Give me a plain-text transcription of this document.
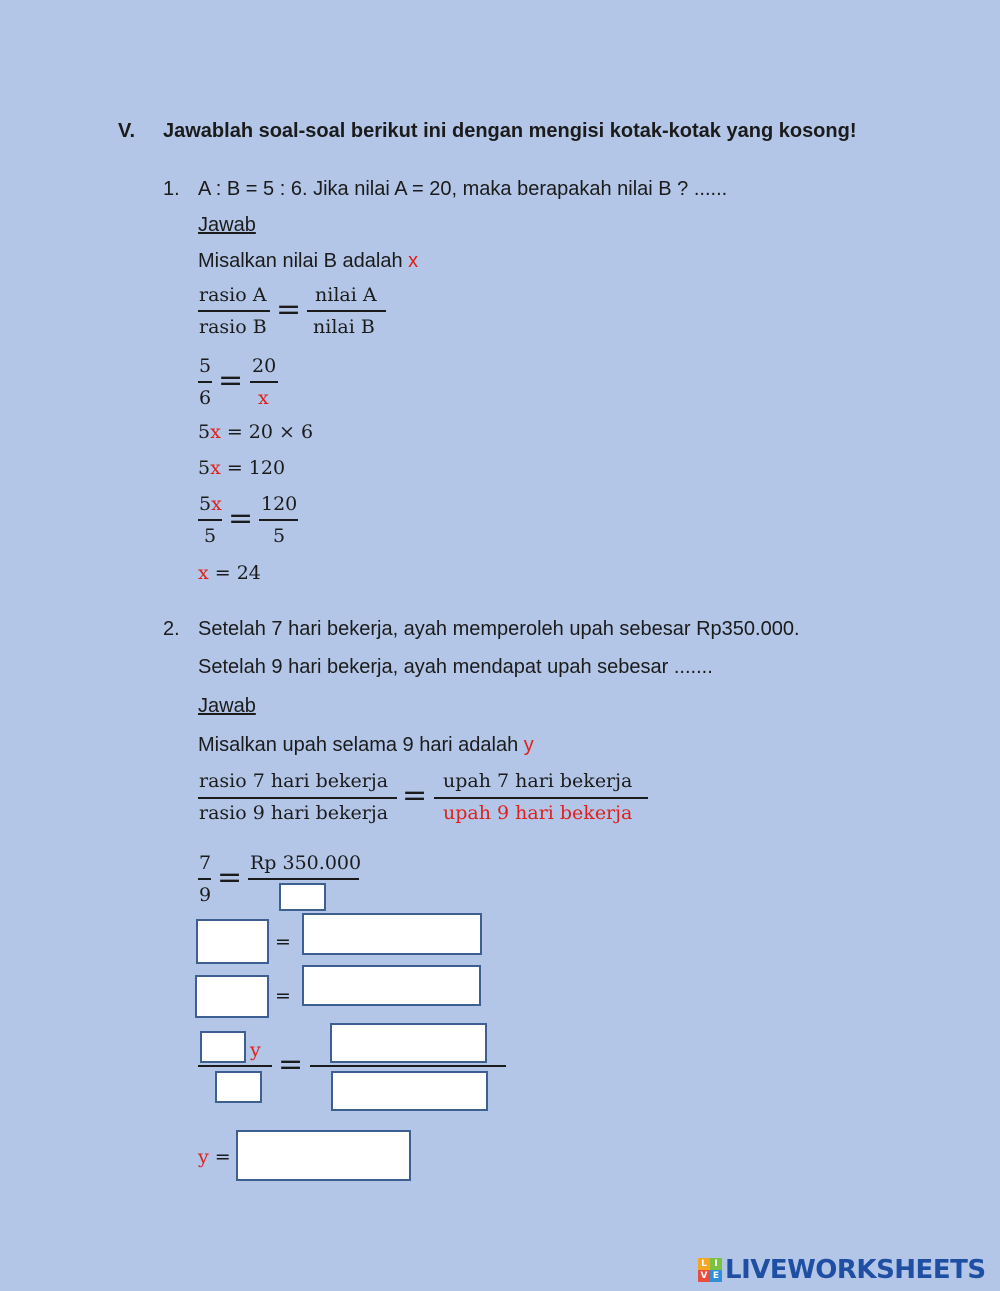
V. Jawablah soal-soal berikut ini dengan mengisi kotak-kotak yang kosong!
1. A : B = 5 : 6. Jika nilai A = 20, maka berapakah nilai B ? ......
Jawab
Misalkan nilai B adalah x
rasio A
rasio B = nilai A
nilai B
5
6 = 20
x
5x = 20 × 6
5x = 120
5x
5 = 120
5
x = 24
2. Setelah 7 hari bekerja, ayah memperoleh upah sebesar Rp350.000.
Setelah 9 hari bekerja, ayah mendapat upah sebesar .......
Jawab
Misalkan upah selama 9 hari adalah y
rasio 7 hari bekerja
rasio 9 hari bekerja = upah 7 hari bekerja
upah 9 hari bekerja
7
9 = Rp 350.000
=
=
y =
y =
L I
V E LIVEWORKSHEETS
